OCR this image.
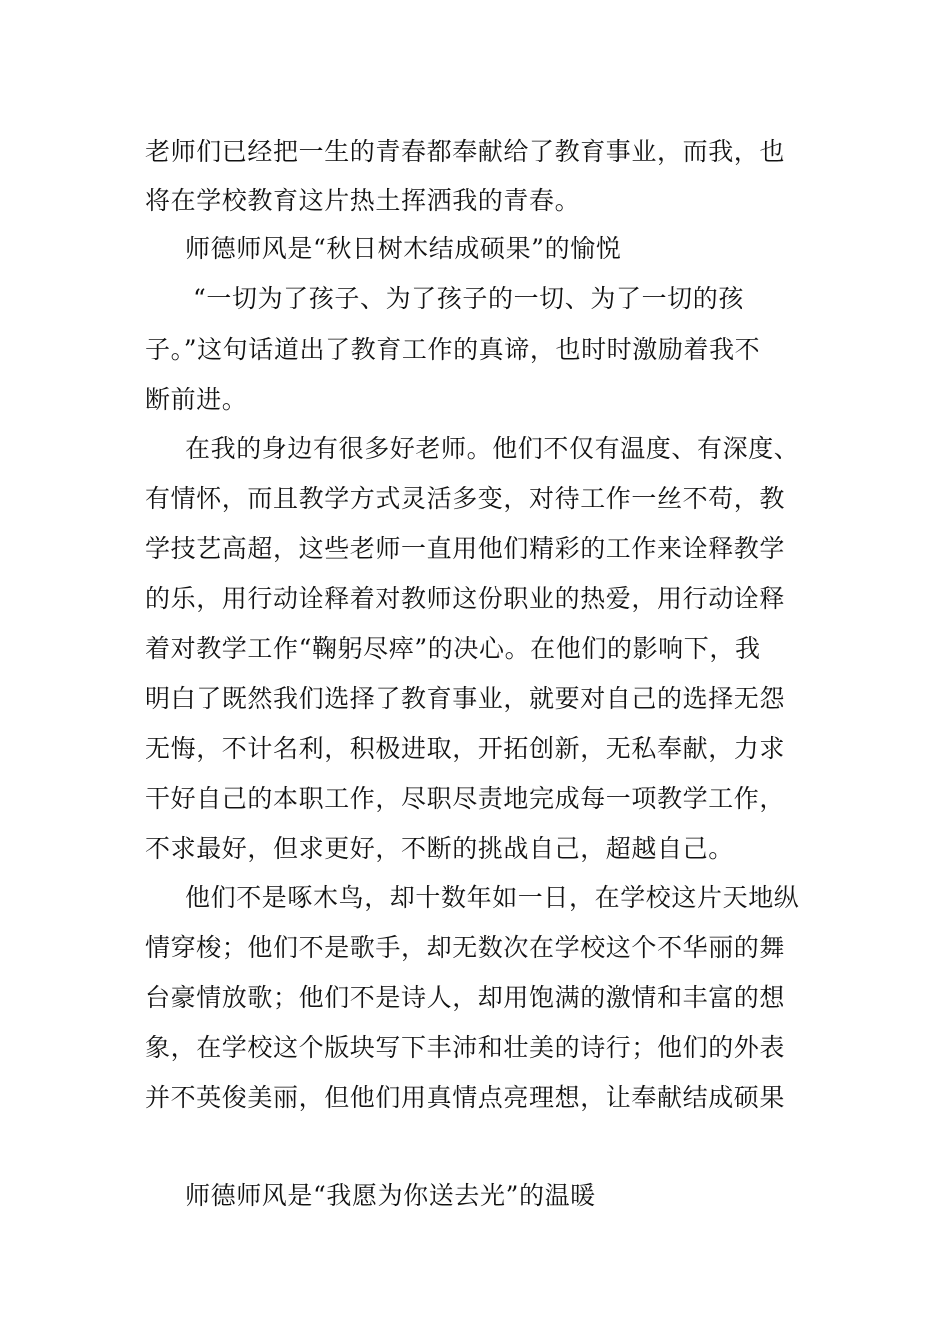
老师们已经把一生的青春都奉献给了教育事业，而我，也
将在学校教育这片热土挥洒我的青春。
师德师风是“秋日树木结成硕果”的愉悦
“一切为了孩子、为了孩子的一切、为了一切的孩
子。”这句话道出了教育工作的真谛，也时时激励着我不
断前进。
在我的身边有很多好老师。他们不仅有温度、有深度、
有情怀，而且教学方式灵活多变，对待工作一丝不苟，教
学技艺高超，这些老师一直用他们精彩的工作来诠释教学
的乐，用行动诠释着对教师这份职业的热爱，用行动诠释
着对教学工作“鞠躬尽瘁”的决心。在他们的影响下，我
明白了既然我们选择了教育事业，就要对自己的选择无怨
无悔，不计名利，积极进取，开拓创新，无私奉献，力求
干好自己的本职工作，尽职尽责地完成每一项教学工作，
不求最好，但求更好，不断的挑战自己，超越自己。
他们不是啄木鸟，却十数年如一日，在学校这片天地纵
情穿梭；他们不是歌手，却无数次在学校这个不华丽的舞
台豪情放歌；他们不是诗人，却用饱满的激情和丰富的想
象，在学校这个版块写下丰沛和壮美的诗行；他们的外表
并不英俊美丽，但他们用真情点亮理想，让奉献结成硕果
师德师风是“我愿为你送去光”的温暖
